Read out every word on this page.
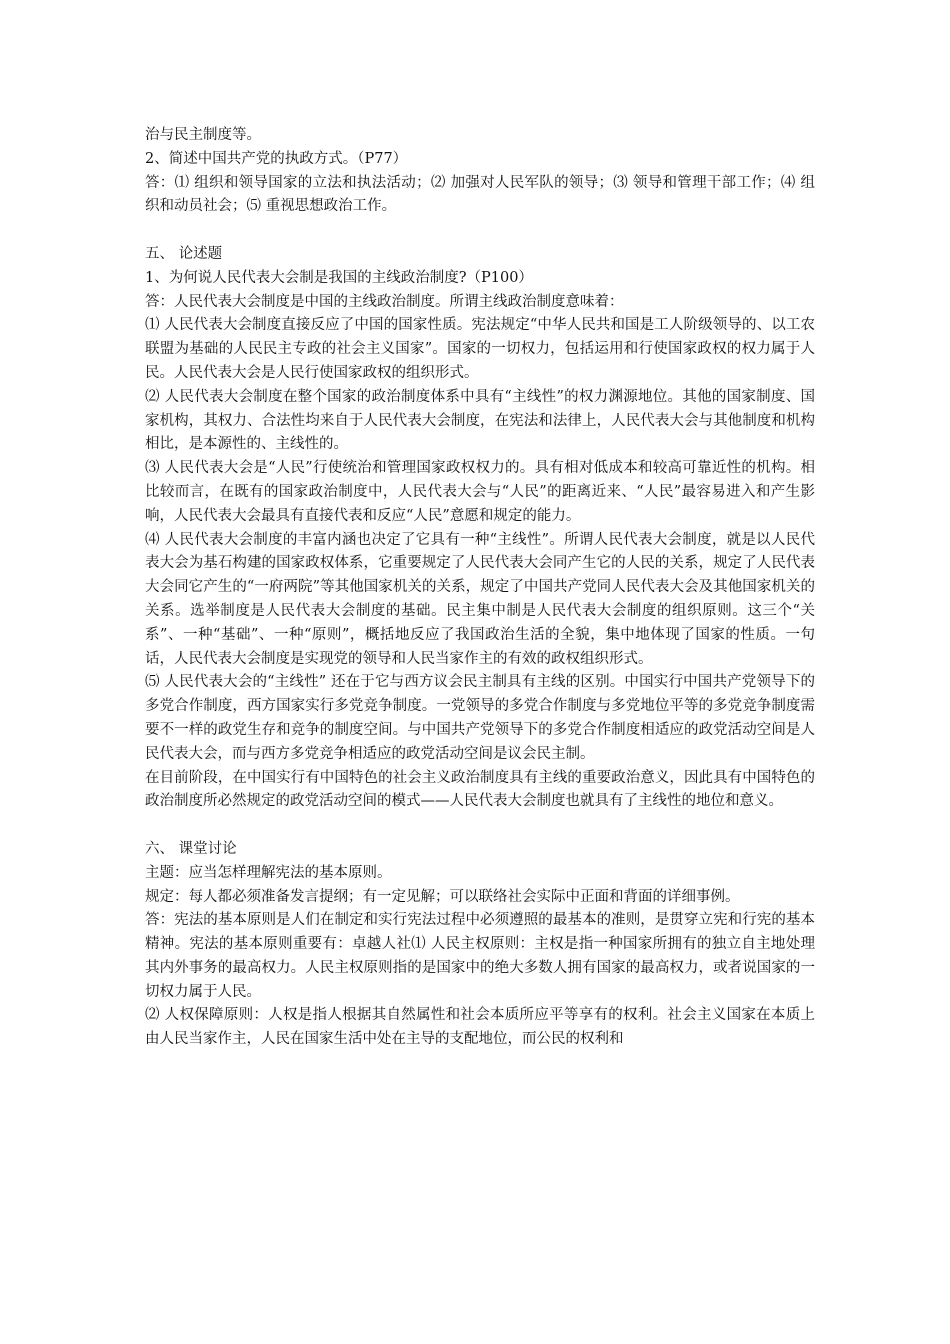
治与民主制度等。

2、简述中国共产党的执政方式。（P77）

答：⑴ 组织和领导国家的立法和执法活动；⑵ 加强对人民军队的领导；⑶ 领导和管理干部工作；⑷ 组织和动员社会；⑸ 重视思想政治工作。

五、 论述题

1、为何说人民代表大会制是我国的主线政治制度?（P100）

答：人民代表大会制度是中国的主线政治制度。所谓主线政治制度意味着：

⑴ 人民代表大会制度直接反应了中国的国家性质。宪法规定“中华人民共和国是工人阶级领导的、以工农联盟为基础的人民民主专政的社会主义国家”。国家的一切权力，包括运用和行使国家政权的权力属于人民。人民代表大会是人民行使国家政权的组织形式。

⑵ 人民代表大会制度在整个国家的政治制度体系中具有“主线性”的权力渊源地位。其他的国家制度、国家机构，其权力、合法性均来自于人民代表大会制度，在宪法和法律上，人民代表大会与其他制度和机构相比，是本源性的、主线性的。

⑶ 人民代表大会是“人民”行使统治和管理国家政权权力的。具有相对低成本和较高可靠近性的机构。相比较而言，在既有的国家政治制度中，人民代表大会与“人民”的距离近来、“人民”最容易进入和产生影响，人民代表大会最具有直接代表和反应“人民”意愿和规定的能力。

⑷ 人民代表大会制度的丰富内涵也决定了它具有一种“主线性”。所谓人民代表大会制度，就是以人民代表大会为基石构建的国家政权体系，它重要规定了人民代表大会同产生它的人民的关系，规定了人民代表大会同它产生的“一府两院”等其他国家机关的关系，规定了中国共产党同人民代表大会及其他国家机关的关系。选举制度是人民代表大会制度的基础。民主集中制是人民代表大会制度的组织原则。这三个“关系”、一种“基础”、一种“原则”，概括地反应了我国政治生活的全貌，集中地体现了国家的性质。一句话，人民代表大会制度是实现党的领导和人民当家作主的有效的政权组织形式。

⑸ 人民代表大会的“主线性” 还在于它与西方议会民主制具有主线的区别。中国实行中国共产党领导下的多党合作制度，西方国家实行多党竞争制度。一党领导的多党合作制度与多党地位平等的多党竞争制度需要不一样的政党生存和竞争的制度空间。与中国共产党领导下的多党合作制度相适应的政党活动空间是人民代表大会，而与西方多党竞争相适应的政党活动空间是议会民主制。

在目前阶段，在中国实行有中国特色的社会主义政治制度具有主线的重要政治意义，因此具有中国特色的政治制度所必然规定的政党活动空间的模式——人民代表大会制度也就具有了主线性的地位和意义。

六、 课堂讨论

主题：应当怎样理解宪法的基本原则。

规定：每人都必须准备发言提纲；有一定见解；可以联络社会实际中正面和背面的详细事例。

答：宪法的基本原则是人们在制定和实行宪法过程中必须遵照的最基本的准则，是贯穿立宪和行宪的基本精神。宪法的基本原则重要有：卓越人社⑴ 人民主权原则：主权是指一种国家所拥有的独立自主地处理其内外事务的最高权力。人民主权原则指的是国家中的绝大多数人拥有国家的最高权力，或者说国家的一切权力属于人民。

⑵ 人权保障原则：人权是指人根据其自然属性和社会本质所应平等享有的权利。社会主义国家在本质上由人民当家作主，人民在国家生活中处在主导的支配地位，而公民的权利和
